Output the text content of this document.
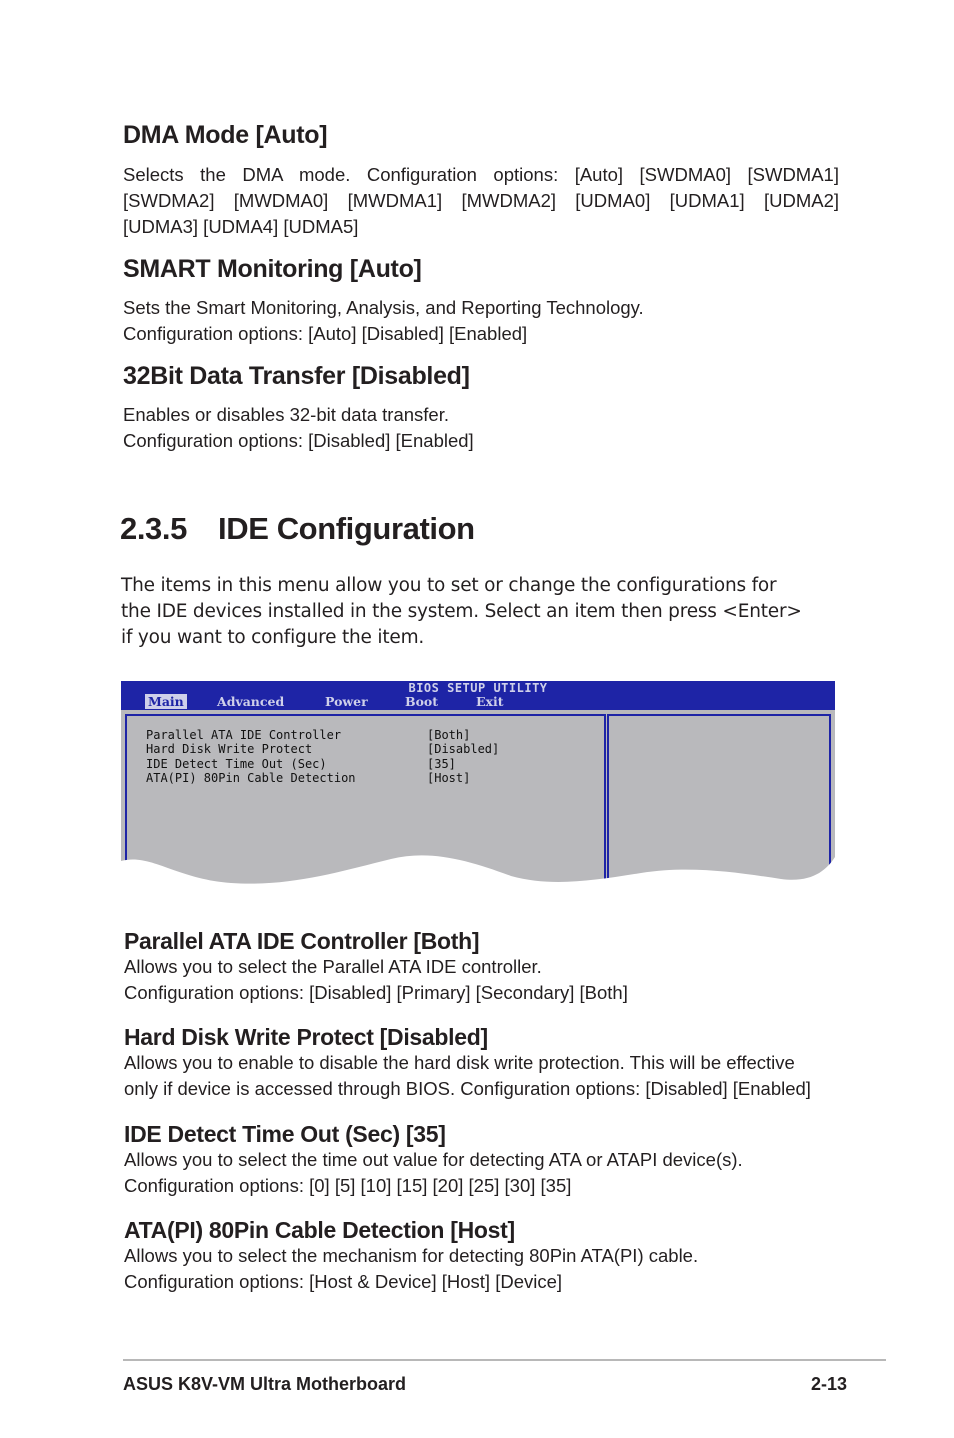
DMA Mode [Auto]
Selects the DMA mode. Configuration options: [Auto] [SWDMA0] [SWDMA1]
[SWDMA2] [MWDMA0] [MWDMA1] [MWDMA2] [UDMA0] [UDMA1] [UDMA2]
[UDMA3] [UDMA4] [UDMA5]
SMART Monitoring [Auto]
Sets the Smart Monitoring, Analysis, and Reporting Technology.
Configuration options: [Auto] [Disabled] [Enabled]
32Bit Data Transfer [Disabled]
Enables or disables 32-bit data transfer.
Configuration options: [Disabled] [Enabled]
2.3.5 IDE Configuration
The items in this menu allow you to set or change the configurations for
the IDE devices installed in the system. Select an item then press <Enter>
if you want to configure the item.
BIOS SETUP UTILITY
Main	Advanced	Power	Boot	Exit
Parallel ATA IDE Controller	[Both]
Hard Disk Write Protect	[Disabled]
IDE Detect Time Out (Sec)	[35]
ATA(PI) 80Pin Cable Detection	[Host]
Parallel ATA IDE Controller [Both]
Allows you to select the Parallel ATA IDE controller.
Configuration options: [Disabled] [Primary] [Secondary] [Both]
Hard Disk Write Protect [Disabled]
Allows you to enable to disable the hard disk write protection. This will be effective
only if device is accessed through BIOS. Configuration options: [Disabled] [Enabled]
IDE Detect Time Out (Sec) [35]
Allows you to select the time out value for detecting ATA or ATAPI device(s).
Configuration options: [0] [5] [10] [15] [20] [25] [30] [35]
ATA(PI) 80Pin Cable Detection [Host]
Allows you to select the mechanism for detecting 80Pin ATA(PI) cable.
Configuration options: [Host & Device] [Host] [Device]
ASUS K8V-VM Ultra Motherboard	2-13
